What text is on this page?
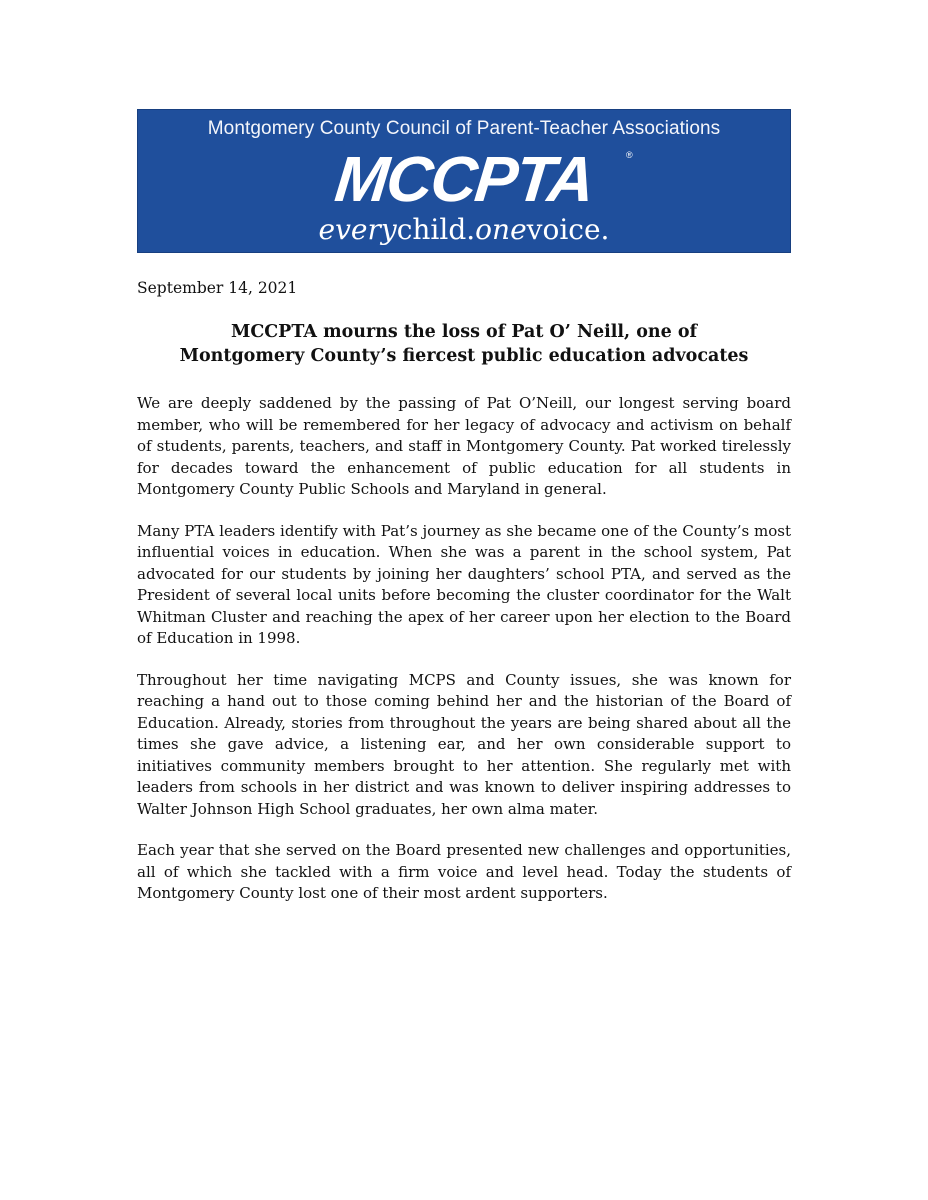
Montgomery County Council of Parent-Teacher Associations
MCCPTA	®
everychild.onevoice.
September 14, 2021
MCCPTA mourns the loss of Pat O’ Neill, one of
Montgomery County’s fiercest public education advocates

We are deeply saddened by the passing of Pat O’Neill, our longest serving board member, who will be remembered for her legacy of advocacy and activism on behalf of students, parents, teachers, and staff in Montgomery County. Pat worked tirelessly for decades toward the enhancement of public education for all students in Montgomery County Public Schools and Maryland in general.

Many PTA leaders identify with Pat’s journey as she became one of the County’s most influential voices in education. When she was a parent in the school system, Pat advocated for our students by joining her daughters’ school PTA, and served as the President of several local units before becoming the cluster coordinator for the Walt Whitman Cluster and reaching the apex of her career upon her election to the Board of Education in 1998.

Throughout her time navigating MCPS and County issues, she was known for reaching a hand out to those coming behind her and the historian of the Board of Education. Already, stories from throughout the years are being shared about all the times she gave advice, a listening ear, and her own considerable support to initiatives community members brought to her attention. She regularly met with leaders from schools in her district and was known to deliver inspiring addresses to Walter Johnson High School graduates, her own alma mater.

Each year that she served on the Board presented new challenges and opportunities, all of which she tackled with a firm voice and level head. Today the students of Montgomery County lost one of their most ardent supporters.
